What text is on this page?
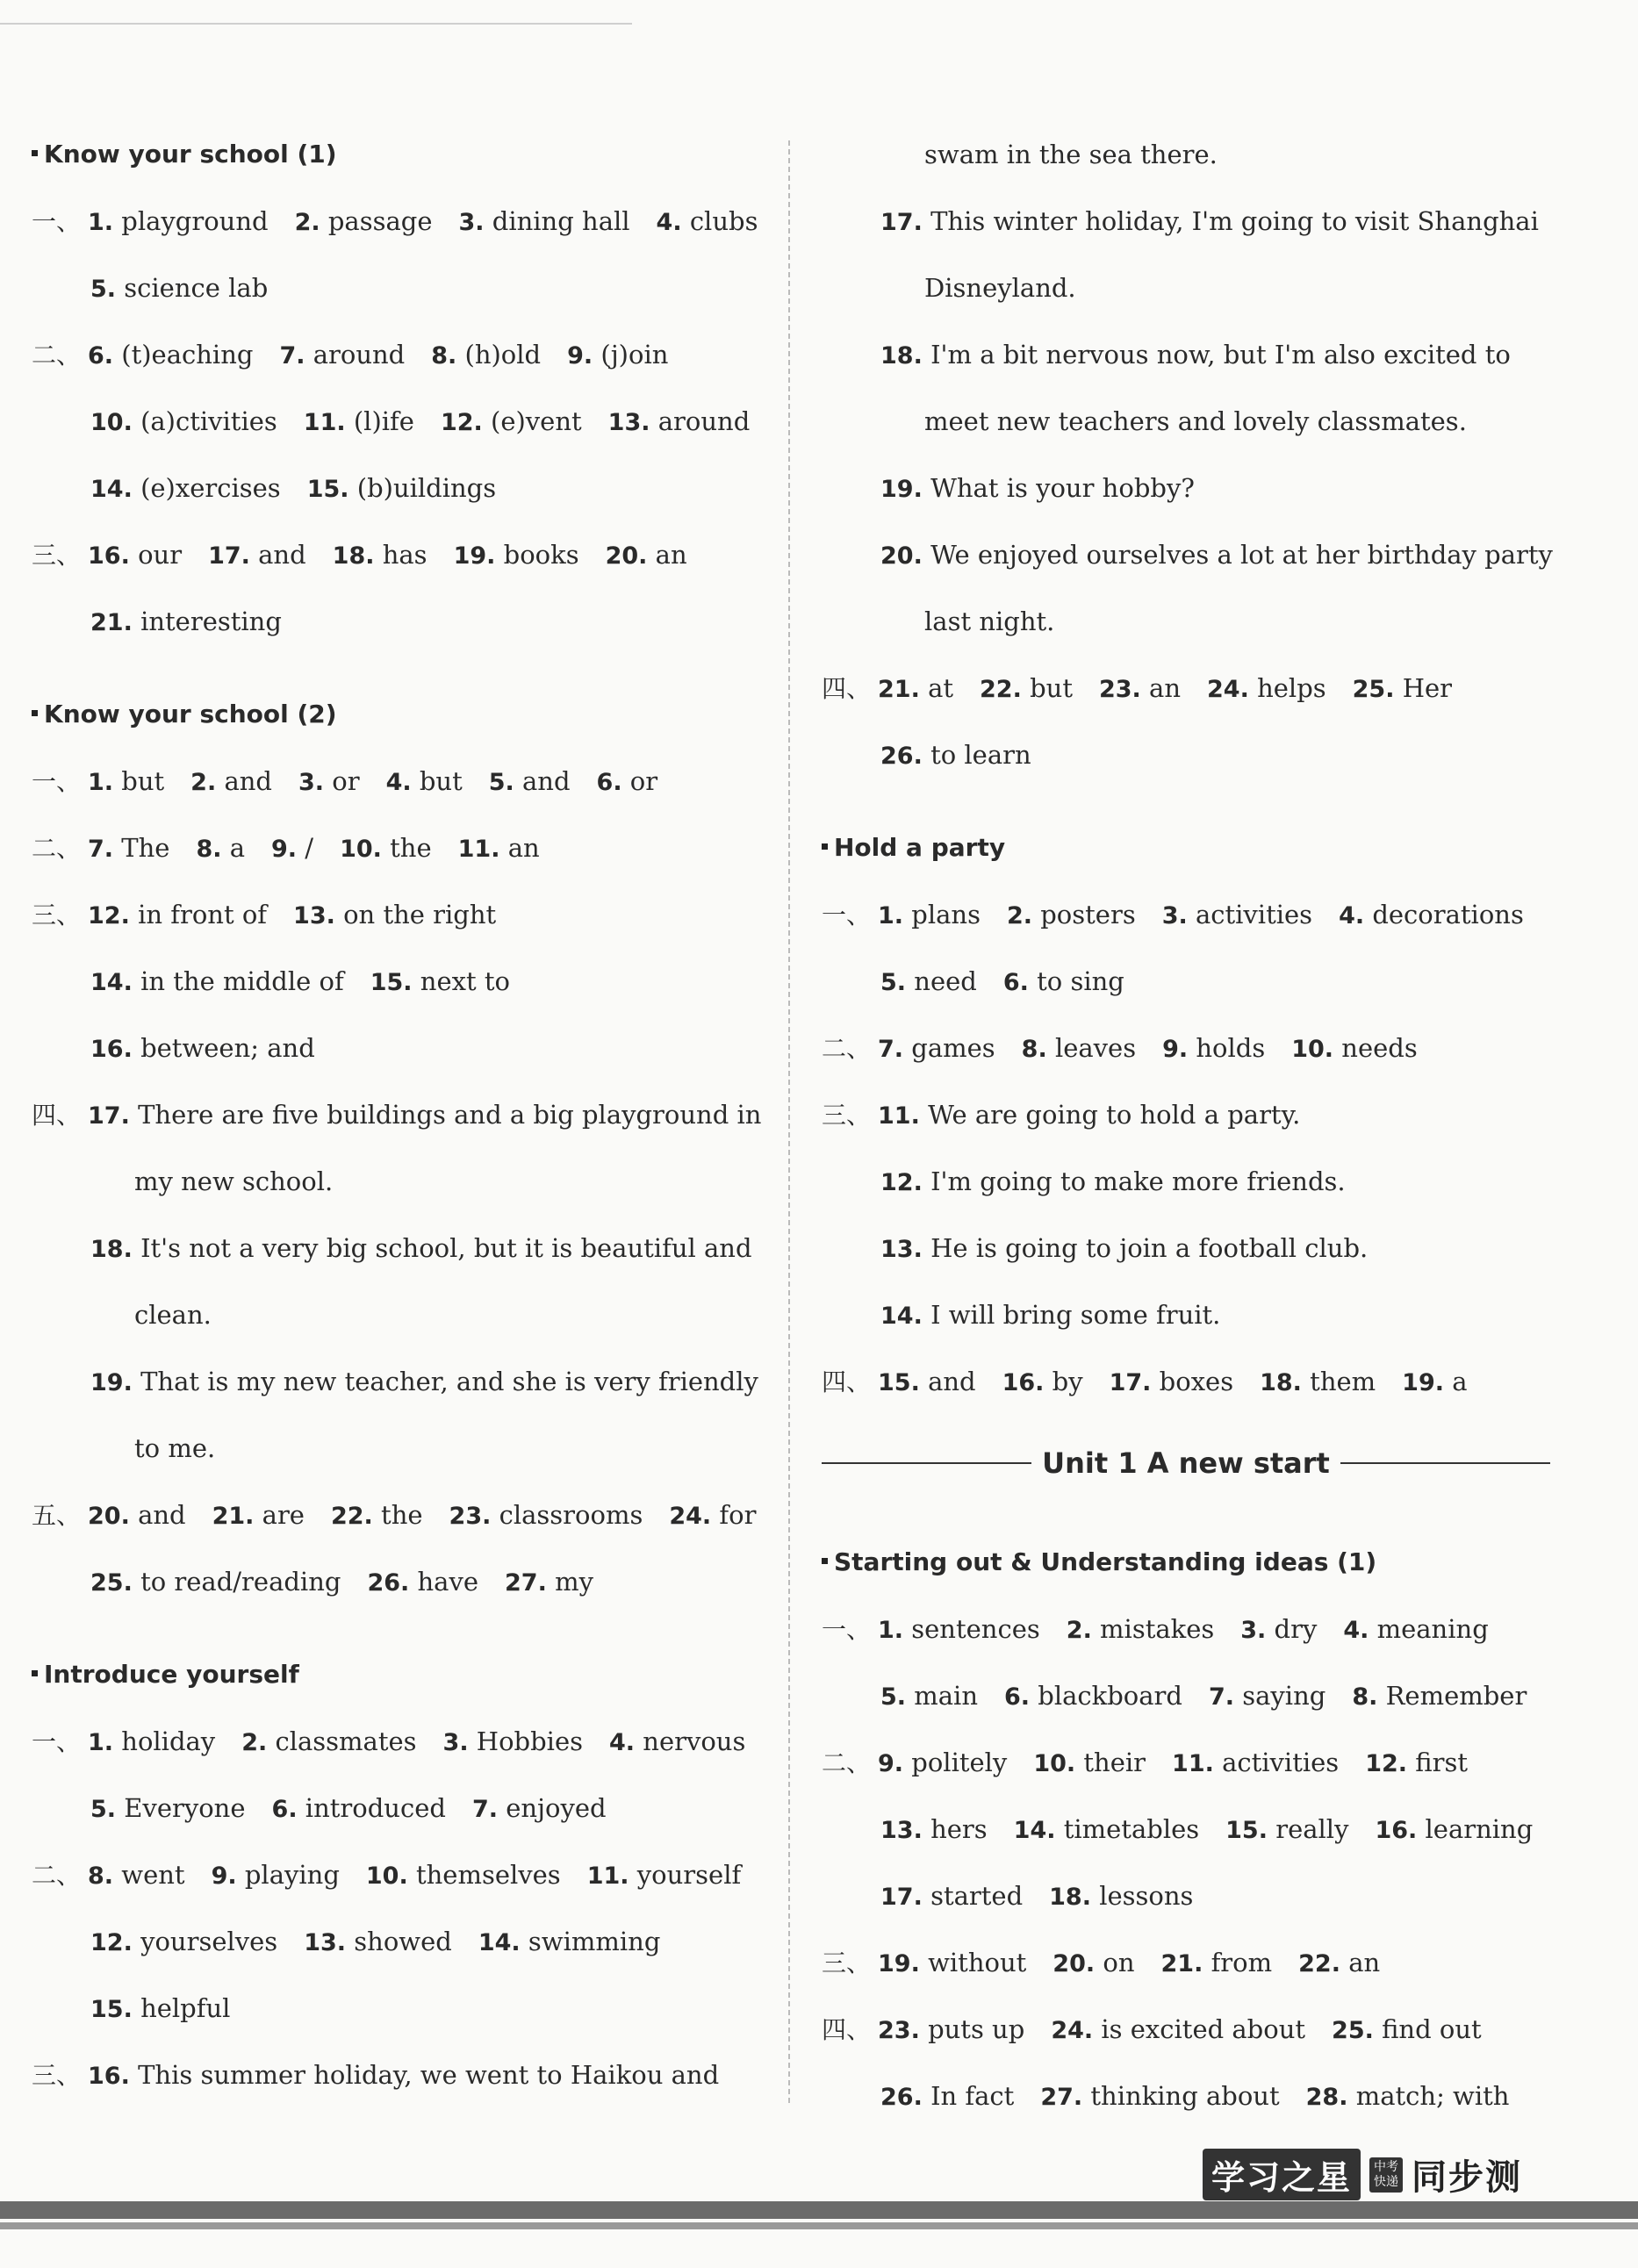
Know your school (1)
一、 1. playground 2. passage 3. dining hall 4. clubs
5. science lab
二、 6. (t)eaching 7. around 8. (h)old 9. (j)oin
10. (a)ctivities 11. (l)ife 12. (e)vent 13. around
14. (e)xercises 15. (b)uildings
三、 16. our 17. and 18. has 19. books 20. an
21. interesting
Know your school (2)
一、 1. but 2. and 3. or 4. but 5. and 6. or
二、 7. The 8. a 9. / 10. the 11. an
三、 12. in front of 13. on the right
14. in the middle of 15. next to
16. between; and
四、 17. There are five buildings and a big playground in
my new school.
18. It's not a very big school, but it is beautiful and
clean.
19. That is my new teacher, and she is very friendly
to me.
五、 20. and 21. are 22. the 23. classrooms 24. for
25. to read/reading 26. have 27. my
Introduce yourself
一、 1. holiday 2. classmates 3. Hobbies 4. nervous
5. Everyone 6. introduced 7. enjoyed
二、 8. went 9. playing 10. themselves 11. yourself
12. yourselves 13. showed 14. swimming
15. helpful
三、 16. This summer holiday, we went to Haikou and
swam in the sea there.
17. This winter holiday, I'm going to visit Shanghai
Disneyland.
18. I'm a bit nervous now, but I'm also excited to
meet new teachers and lovely classmates.
19. What is your hobby?
20. We enjoyed ourselves a lot at her birthday party
last night.
四、 21. at 22. but 23. an 24. helps 25. Her
26. to learn
Hold a party
一、 1. plans 2. posters 3. activities 4. decorations
5. need 6. to sing
二、 7. games 8. leaves 9. holds 10. needs
三、 11. We are going to hold a party.
12. I'm going to make more friends.
13. He is going to join a football club.
14. I will bring some fruit.
四、 15. and 16. by 17. boxes 18. them 19. a
Unit 1 A new start
Starting out & Understanding ideas (1)
一、 1. sentences 2. mistakes 3. dry 4. meaning
5. main 6. blackboard 7. saying 8. Remember
二、 9. politely 10. their 11. activities 12. first
13. hers 14. timetables 15. really 16. learning
17. started 18. lessons
三、 19. without 20. on 21. from 22. an
四、 23. puts up 24. is excited about 25. find out
26. In fact 27. thinking about 28. match; with
学习之星	中考快递 同步测
